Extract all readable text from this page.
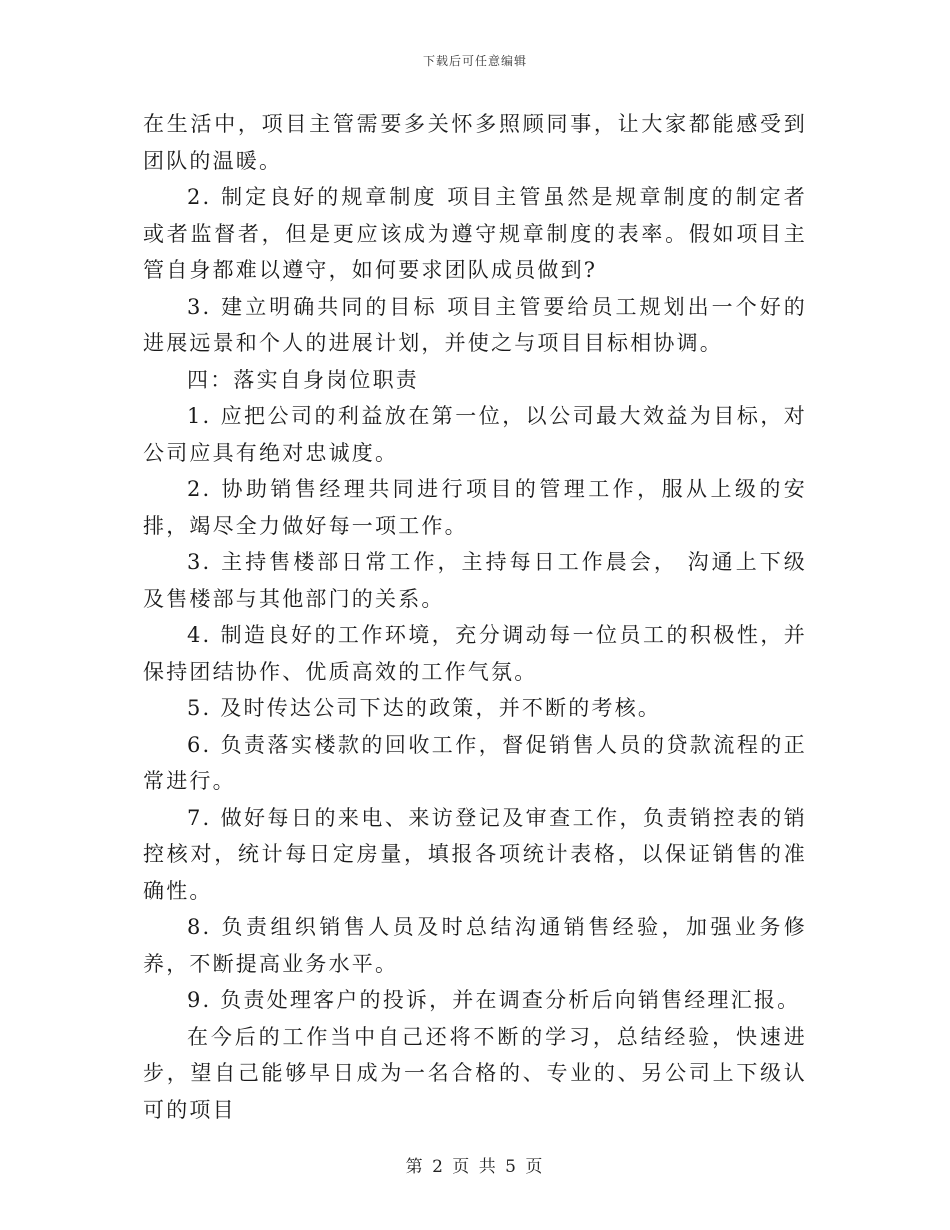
下载后可任意编辑

在生活中，项目主管需要多关怀多照顾同事，让大家都能感受到团队的温暖。

2. 制定良好的规章制度 项目主管虽然是规章制度的制定者或者监督者，但是更应该成为遵守规章制度的表率。假如项目主管自身都难以遵守，如何要求团队成员做到?

3. 建立明确共同的目标 项目主管要给员工规划出一个好的进展远景和个人的进展计划，并使之与项目目标相协调。

四：落实自身岗位职责

1. 应把公司的利益放在第一位，以公司最大效益为目标，对公司应具有绝对忠诚度。

2. 协助销售经理共同进行项目的管理工作，服从上级的安排，竭尽全力做好每一项工作。

3. 主持售楼部日常工作，主持每日工作晨会， 沟通上下级及售楼部与其他部门的关系。

4. 制造良好的工作环境，充分调动每一位员工的积极性，并保持团结协作、优质高效的工作气氛。

5. 及时传达公司下达的政策，并不断的考核。

6. 负责落实楼款的回收工作，督促销售人员的贷款流程的正常进行。

7. 做好每日的来电、来访登记及审查工作，负责销控表的销控核对，统计每日定房量，填报各项统计表格，以保证销售的准确性。

8. 负责组织销售人员及时总结沟通销售经验，加强业务修养，不断提高业务水平。

9. 负责处理客户的投诉，并在调查分析后向销售经理汇报。

在今后的工作当中自己还将不断的学习，总结经验，快速进步，望自己能够早日成为一名合格的、专业的、另公司上下级认可的项目

第 2 页 共 5 页
